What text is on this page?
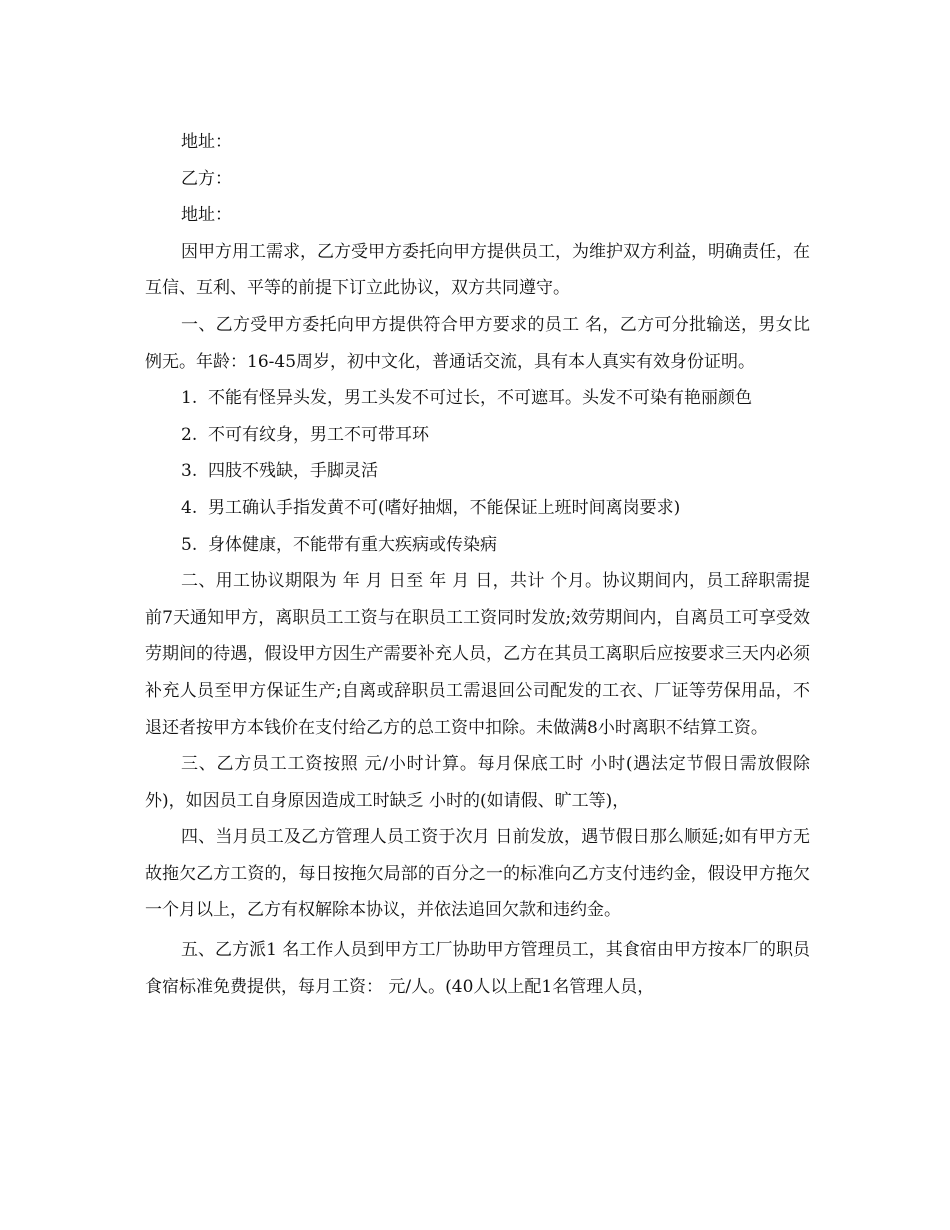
地址：

乙方：

地址：

因甲方用工需求，乙方受甲方委托向甲方提供员工，为维护双方利益，明确责任，在互信、互利、平等的前提下订立此协议，双方共同遵守。

一、乙方受甲方委托向甲方提供符合甲方要求的员工 名，乙方可分批输送，男女比例无。年龄：16-45周岁，初中文化，普通话交流，具有本人真实有效身份证明。

1. 不能有怪异头发，男工头发不可过长，不可遮耳。头发不可染有艳丽颜色

2. 不可有纹身，男工不可带耳环

3. 四肢不残缺，手脚灵活

4. 男工确认手指发黄不可(嗜好抽烟，不能保证上班时间离岗要求)

5. 身体健康，不能带有重大疾病或传染病

二、用工协议期限为 年 月 日至 年 月 日，共计 个月。协议期间内，员工辞职需提前7天通知甲方，离职员工工资与在职员工工资同时发放;效劳期间内，自离员工可享受效劳期间的待遇，假设甲方因生产需要补充人员，乙方在其员工离职后应按要求三天内必须补充人员至甲方保证生产;自离或辞职员工需退回公司配发的工衣、厂证等劳保用品，不退还者按甲方本钱价在支付给乙方的总工资中扣除。未做满8小时离职不结算工资。

三、乙方员工工资按照 元/小时计算。每月保底工时 小时(遇法定节假日需放假除外)，如因员工自身原因造成工时缺乏 小时的(如请假、旷工等)，

四、当月员工及乙方管理人员工资于次月 日前发放，遇节假日那么顺延;如有甲方无故拖欠乙方工资的，每日按拖欠局部的百分之一的标准向乙方支付违约金，假设甲方拖欠一个月以上，乙方有权解除本协议，并依法追回欠款和违约金。

五、乙方派1 名工作人员到甲方工厂协助甲方管理员工，其食宿由甲方按本厂的职员食宿标准免费提供，每月工资： 元/人。(40人以上配1名管理人员，
